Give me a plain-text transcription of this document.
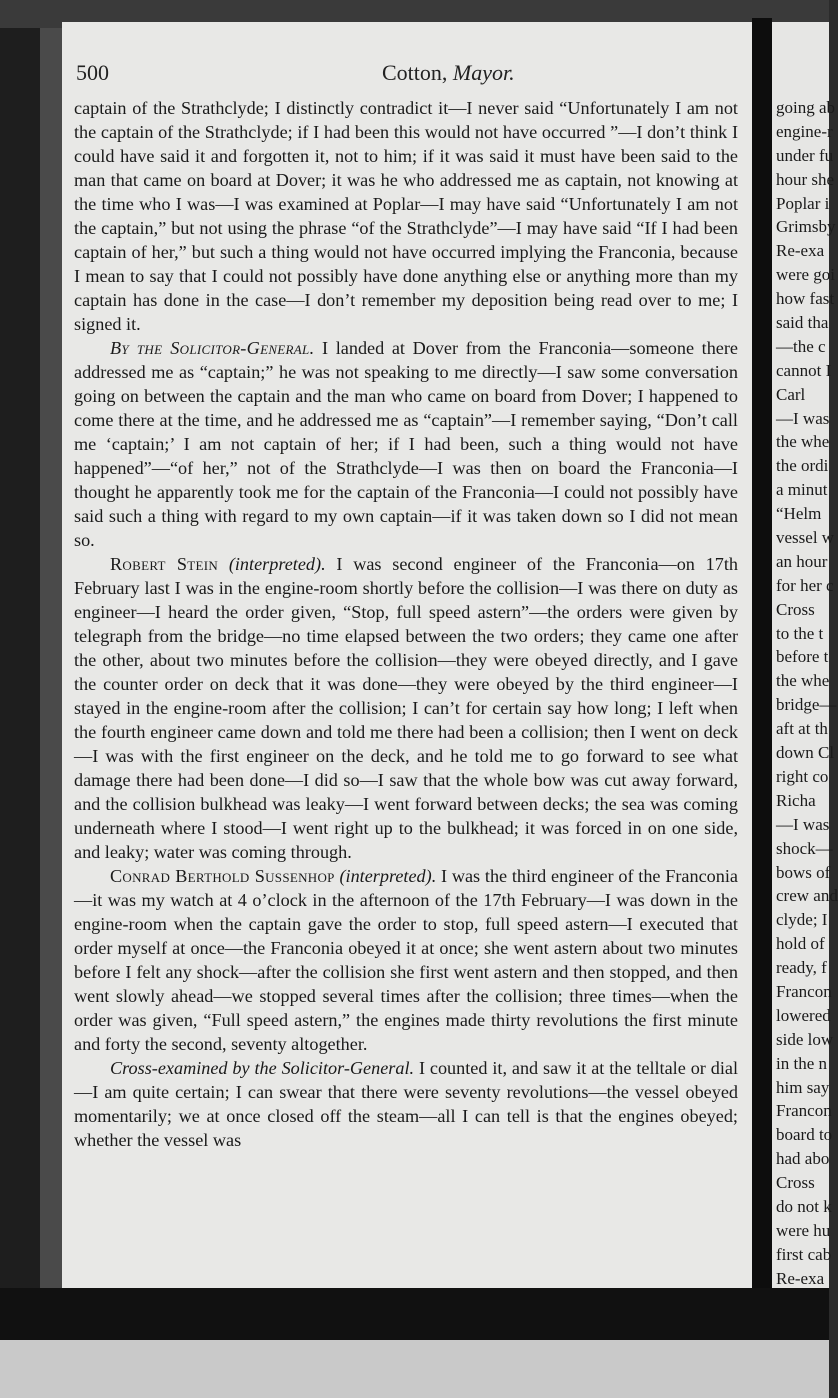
going ab
engine-r
under fu
hour she
Poplar i
Grimsby
Re-exa
were goi
how fast
said tha
—the c
cannot I
Carl
—I was
the whe
the ordi
a minut
“Helm
vessel w
an hour
for her c
Cross
to the t
before t
the whe
bridge—
aft at th
down Cl
right co
Richa
—I was
shock—
bows of
crew and
clyde; I
hold of
ready, f
Francon
lowered
side low
in the n
him say
Francon
board to
had abo
Cross
do not k
were hu
first cab
Re-exa
500	Cotton, Mayor.

captain of the Strathclyde; I distinctly contradict it—I never said “Unfortunately I am not the captain of the Strathclyde; if I had been this would not have occurred ”—I don’t think I could have said it and forgotten it, not to him; if it was said it must have been said to the man that came on board at Dover; it was he who addressed me as captain, not knowing at the time who I was—I was examined at Poplar—I may have said “Unfortunately I am not the captain,” but not using the phrase “of the Strathclyde”—I may have said “If I had been captain of her,” but such a thing would not have occurred implying the Franconia, because I mean to say that I could not possibly have done anything else or anything more than my captain has done in the case—I don’t remember my deposition being read over to me; I signed it.

By the Solicitor-General. I landed at Dover from the Franconia—someone there addressed me as “captain;” he was not speaking to me directly—I saw some conversation going on between the captain and the man who came on board from Dover; I happened to come there at the time, and he addressed me as “captain”—I remember saying, “Don’t call me ‘captain;’ I am not captain of her; if I had been, such a thing would not have happened”—“of her,” not of the Strathclyde—I was then on board the Franconia—I thought he apparently took me for the captain of the Franconia—I could not possibly have said such a thing with regard to my own captain—if it was taken down so I did not mean so.

Robert Stein (interpreted). I was second engineer of the Franconia—on 17th February last I was in the engine-room shortly before the collision—I was there on duty as engineer—I heard the order given, “Stop, full speed astern”—the orders were given by telegraph from the bridge—no time elapsed between the two orders; they came one after the other, about two minutes before the collision—they were obeyed directly, and I gave the counter order on deck that it was done—they were obeyed by the third engineer—I stayed in the engine-room after the collision; I can’t for certain say how long; I left when the fourth engineer came down and told me there had been a collision; then I went on deck—I was with the first engineer on the deck, and he told me to go forward to see what damage there had been done—I did so—I saw that the whole bow was cut away forward, and the collision bulkhead was leaky—I went forward between decks; the sea was coming underneath where I stood—I went right up to the bulkhead; it was forced in on one side, and leaky; water was coming through.

Conrad Berthold Sussenhop (interpreted). I was the third engineer of the Franconia—it was my watch at 4 o’clock in the afternoon of the 17th February—I was down in the engine-room when the captain gave the order to stop, full speed astern—I executed that order myself at once—the Franconia obeyed it at once; she went astern about two minutes before I felt any shock—after the collision she first went astern and then stopped, and then went slowly ahead—we stopped several times after the collision; three times—when the order was given, “Full speed astern,” the engines made thirty revolutions the first minute and forty the second, seventy altogether.

Cross-examined by the Solicitor-General. I counted it, and saw it at the telltale or dial—I am quite certain; I can swear that there were seventy revolutions—the vessel obeyed momentarily; we at once closed off the steam—all I can tell is that the engines obeyed; whether the vessel was
